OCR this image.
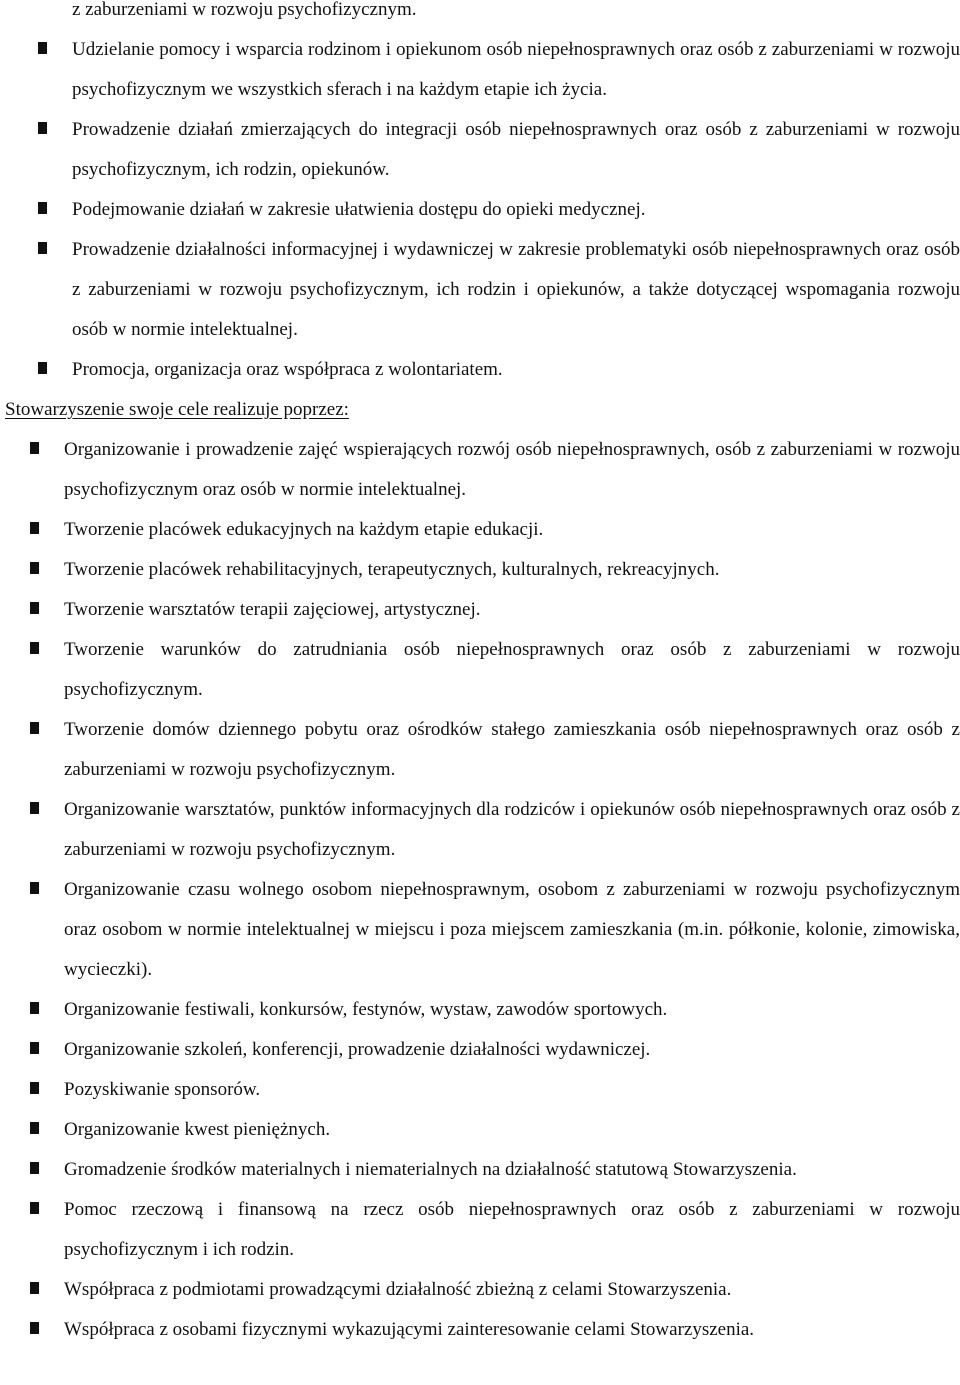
z zaburzeniami w rozwoju psychofizycznym.

Udzielanie pomocy i wsparcia rodzinom i opiekunom osób niepełnosprawnych oraz osób z zaburzeniami w rozwoju psychofizycznym we wszystkich sferach i na każdym etapie ich życia.
Prowadzenie działań zmierzających do integracji osób niepełnosprawnych oraz osób z zaburzeniami w rozwoju psychofizycznym, ich rodzin, opiekunów.
Podejmowanie działań w zakresie ułatwienia dostępu do opieki medycznej.
Prowadzenie działalności informacyjnej i wydawniczej w zakresie problematyki osób niepełnosprawnych oraz osób z zaburzeniami w rozwoju psychofizycznym, ich rodzin i opiekunów, a także dotyczącej wspomagania rozwoju osób w normie intelektualnej.
Promocja, organizacja oraz współpraca z wolontariatem.

Stowarzyszenie swoje cele realizuje poprzez:

Organizowanie i prowadzenie zajęć wspierających rozwój osób niepełnosprawnych, osób z zaburzeniami w rozwoju psychofizycznym oraz osób w normie intelektualnej.
Tworzenie placówek edukacyjnych na każdym etapie edukacji.
Tworzenie placówek rehabilitacyjnych, terapeutycznych, kulturalnych, rekreacyjnych.
Tworzenie warsztatów terapii zajęciowej, artystycznej.
Tworzenie warunków do zatrudniania osób niepełnosprawnych oraz osób z zaburzeniami w rozwoju psychofizycznym.
Tworzenie domów dziennego pobytu oraz ośrodków stałego zamieszkania osób niepełnosprawnych oraz osób z zaburzeniami w rozwoju psychofizycznym.
Organizowanie warsztatów, punktów informacyjnych dla rodziców i opiekunów osób niepełnosprawnych oraz osób z zaburzeniami w rozwoju psychofizycznym.
Organizowanie czasu wolnego osobom niepełnosprawnym, osobom z zaburzeniami w rozwoju psychofizycznym oraz osobom w normie intelektualnej w miejscu i poza miejscem zamieszkania (m.in. półkonie, kolonie, zimowiska, wycieczki).
Organizowanie festiwali, konkursów, festynów, wystaw, zawodów sportowych.
Organizowanie szkoleń, konferencji, prowadzenie działalności wydawniczej.
Pozyskiwanie sponsorów.
Organizowanie kwest pieniężnych.
Gromadzenie środków materialnych i niematerialnych na działalność statutową Stowarzyszenia.
Pomoc rzeczową i finansową na rzecz osób niepełnosprawnych oraz osób z zaburzeniami w rozwoju psychofizycznym i ich rodzin.
Współpraca z podmiotami prowadzącymi działalność zbieżną z celami Stowarzyszenia.
Współpraca z osobami fizycznymi wykazującymi zainteresowanie celami Stowarzyszenia.
